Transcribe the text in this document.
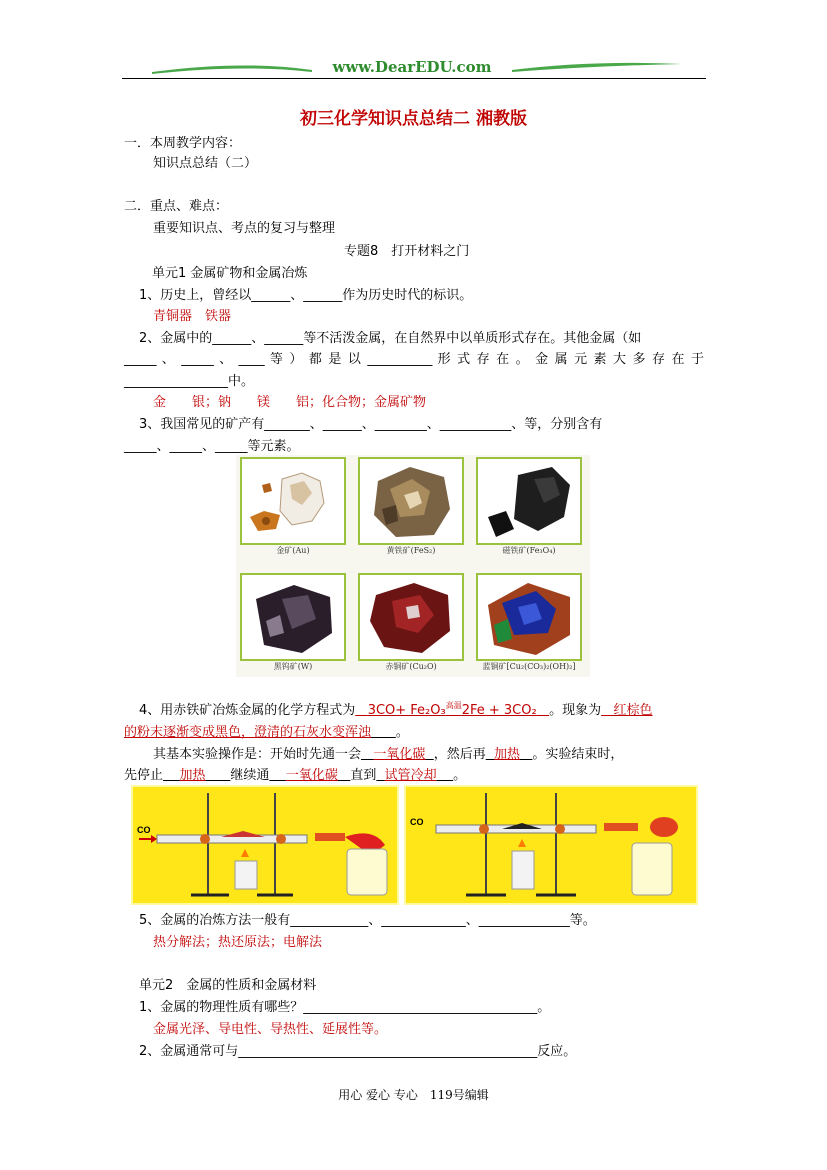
www.DearEDU.com
初三化学知识点总结二 湘教版
一．本周教学内容：
知识点总结（二）
二．重点、难点：
重要知识点、考点的复习与整理
专题8　打开材料之门
单元1 金属矿物和金属冶炼
1、历史上，曾经以______、______作为历史时代的标识。
青铜器　铁器
2、金属中的______、______等不活泼金属，在自然界中以单质形式存在。其他金属（如
_____ 、 _____ 、 ____ 等 ） 都 是 以 __________ 形 式 存 在 。 金 属 元 素 大 多 存 在 于
________________中。
金　　银；钠　　镁　　铝；化合物；金属矿物
3、我国常见的矿产有_______、______、________、___________、等，分别含有
_____、_____、_____等元素。
金矿(Au)	黄铁矿(FeS₂)	磁铁矿(Fe₃O₄)
黑钨矿(W)	赤铜矿(Cu₂O)	蓝铜矿[Cu₂(CO₃)₂(OH)₂]
4、用赤铁矿冶炼金属的化学方程式为 3CO+ Fe₂O₃$^{高温}$2Fe + 3CO₂ 。现象为 红棕色
的粉末逐渐变成黑色，澄清的石灰水变浑浊 。
其基本实验操作是：开始时先通一会 一氧化碳 ，然后再 加热 。实验结束时，
先停止 加热 继续通 一氧化碳 直到 试管冷却 。
CO
CO
5、金属的冶炼方法一般有____________、_____________、______________等。
热分解法；热还原法；电解法
单元2　金属的性质和金属材料
1、金属的物理性质有哪些？____________________________________。
金属光泽、导电性、导热性、延展性等。
2、金属通常可与______________________________________________反应。
用心 爱心 专心　119号编辑
